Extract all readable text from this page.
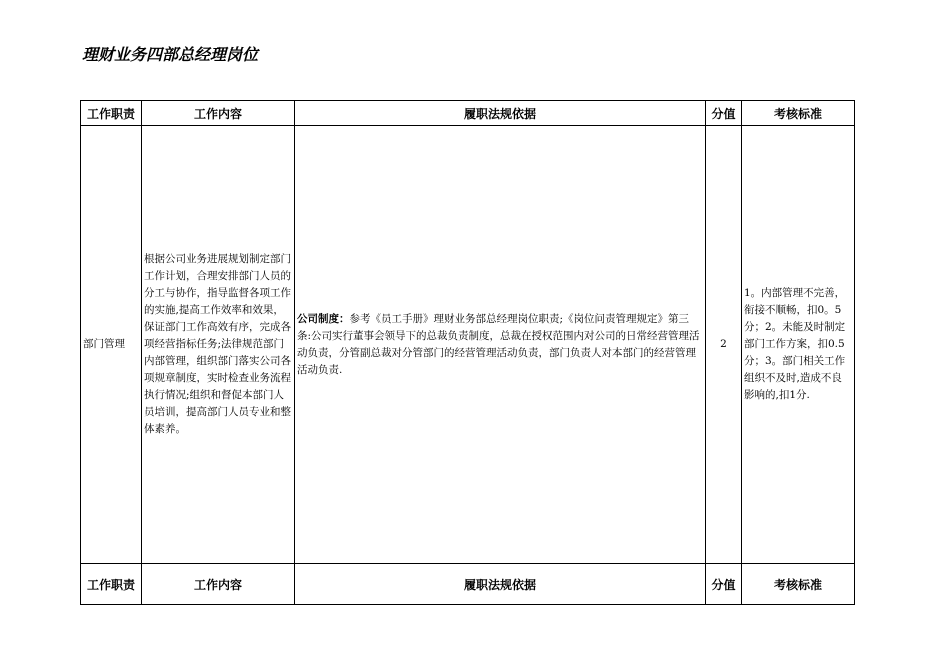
理财业务四部总经理岗位
工作职责	工作内容	履职法规依据	分值	考核标准
部门管理	根据公司业务进展规划制定部门工作计划，合理安排部门人员的分工与协作，指导监督各项工作的实施,提高工作效率和效果，保证部门工作高效有序，完成各项经营指标任务;法律规范部门内部管理，组织部门落实公司各项规章制度，实时检查业务流程执行情况;组织和督促本部门人员培训，提高部门人员专业和整体素养。	公司制度：参考《员工手册》理财业务部总经理岗位职责;《岗位问责管理规定》第三条:公司实行董事会领导下的总裁负责制度，总裁在授权范围内对公司的日常经营管理活动负责，分管副总裁对分管部门的经营管理活动负责，部门负责人对本部门的经营管理活动负责.	2	1。内部管理不完善，衔接不顺畅，扣0。5分；2。未能及时制定部门工作方案，扣0.5分；3。部门相关工作组织不及时,造成不良影响的,扣1分.
工作职责	工作内容	履职法规依据	分值	考核标准
